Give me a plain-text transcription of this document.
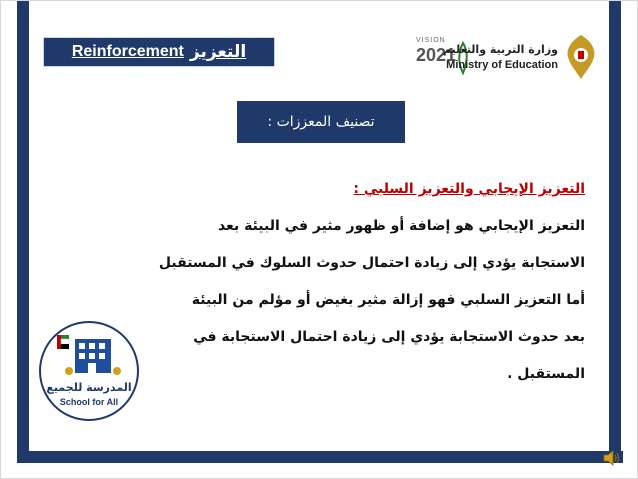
Reinforcement التعزيز
VISION
2021
وزارة التربية والتعليم
Ministry of Education
تصنيف المعززات :

التعزيز الإيجابي والتعزيز السلبي :

التعزيز الإيجابي هو إضافة أو ظهور مثير في البيئة بعد

الاستجابة يؤدي إلى زيادة احتمال حدوث السلوك في المستقبل

أما التعزيز السلبي فهو إزالة مثير بغيض أو مؤلم من البيئة

بعد حدوث الاستجابة يؤدي إلى زيادة احتمال الاستجابة في

المستقبل .

المدرسة للجميع
School for All
